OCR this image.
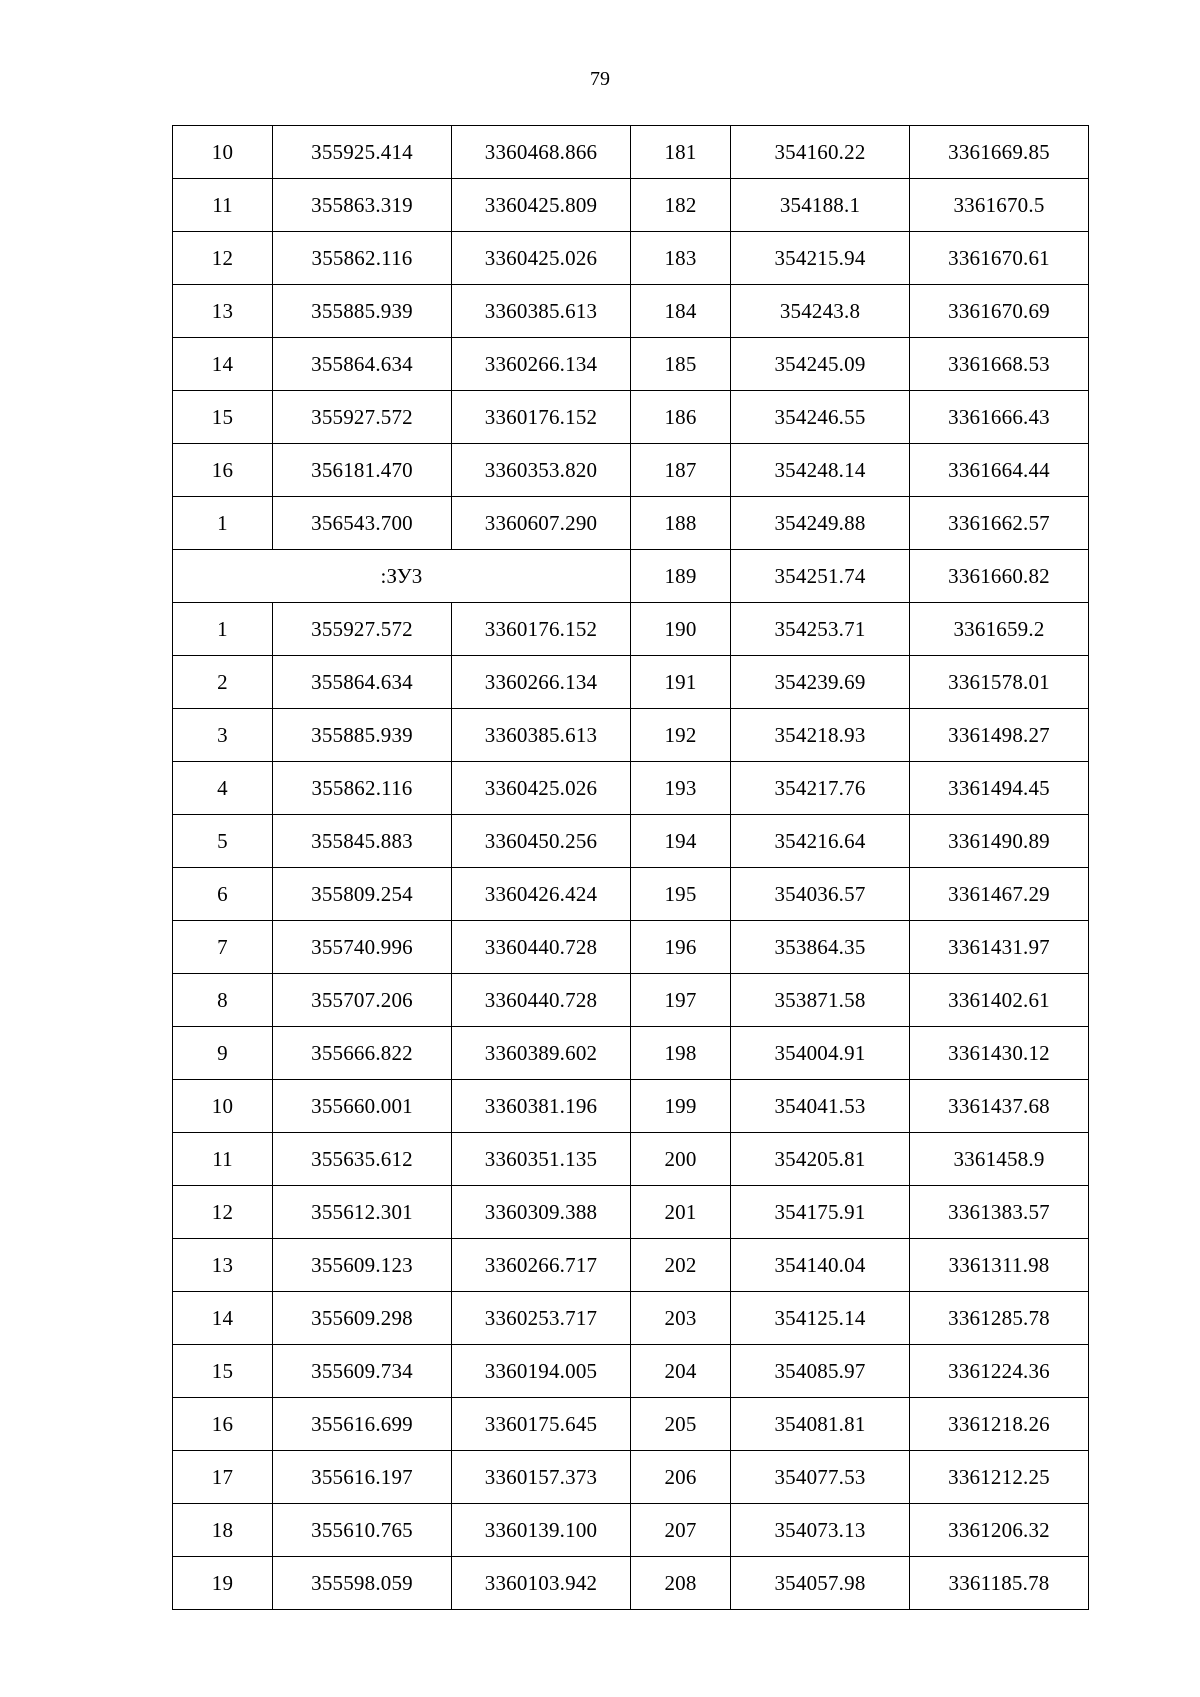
79
10	355925.414	3360468.866	181	354160.22	3361669.85
11	355863.319	3360425.809	182	354188.1	3361670.5
12	355862.116	3360425.026	183	354215.94	3361670.61
13	355885.939	3360385.613	184	354243.8	3361670.69
14	355864.634	3360266.134	185	354245.09	3361668.53
15	355927.572	3360176.152	186	354246.55	3361666.43
16	356181.470	3360353.820	187	354248.14	3361664.44
1	356543.700	3360607.290	188	354249.88	3361662.57
:ЗУ3			189	354251.74	3361660.82
1	355927.572	3360176.152	190	354253.71	3361659.2
2	355864.634	3360266.134	191	354239.69	3361578.01
3	355885.939	3360385.613	192	354218.93	3361498.27
4	355862.116	3360425.026	193	354217.76	3361494.45
5	355845.883	3360450.256	194	354216.64	3361490.89
6	355809.254	3360426.424	195	354036.57	3361467.29
7	355740.996	3360440.728	196	353864.35	3361431.97
8	355707.206	3360440.728	197	353871.58	3361402.61
9	355666.822	3360389.602	198	354004.91	3361430.12
10	355660.001	3360381.196	199	354041.53	3361437.68
11	355635.612	3360351.135	200	354205.81	3361458.9
12	355612.301	3360309.388	201	354175.91	3361383.57
13	355609.123	3360266.717	202	354140.04	3361311.98
14	355609.298	3360253.717	203	354125.14	3361285.78
15	355609.734	3360194.005	204	354085.97	3361224.36
16	355616.699	3360175.645	205	354081.81	3361218.26
17	355616.197	3360157.373	206	354077.53	3361212.25
18	355610.765	3360139.100	207	354073.13	3361206.32
19	355598.059	3360103.942	208	354057.98	3361185.78
